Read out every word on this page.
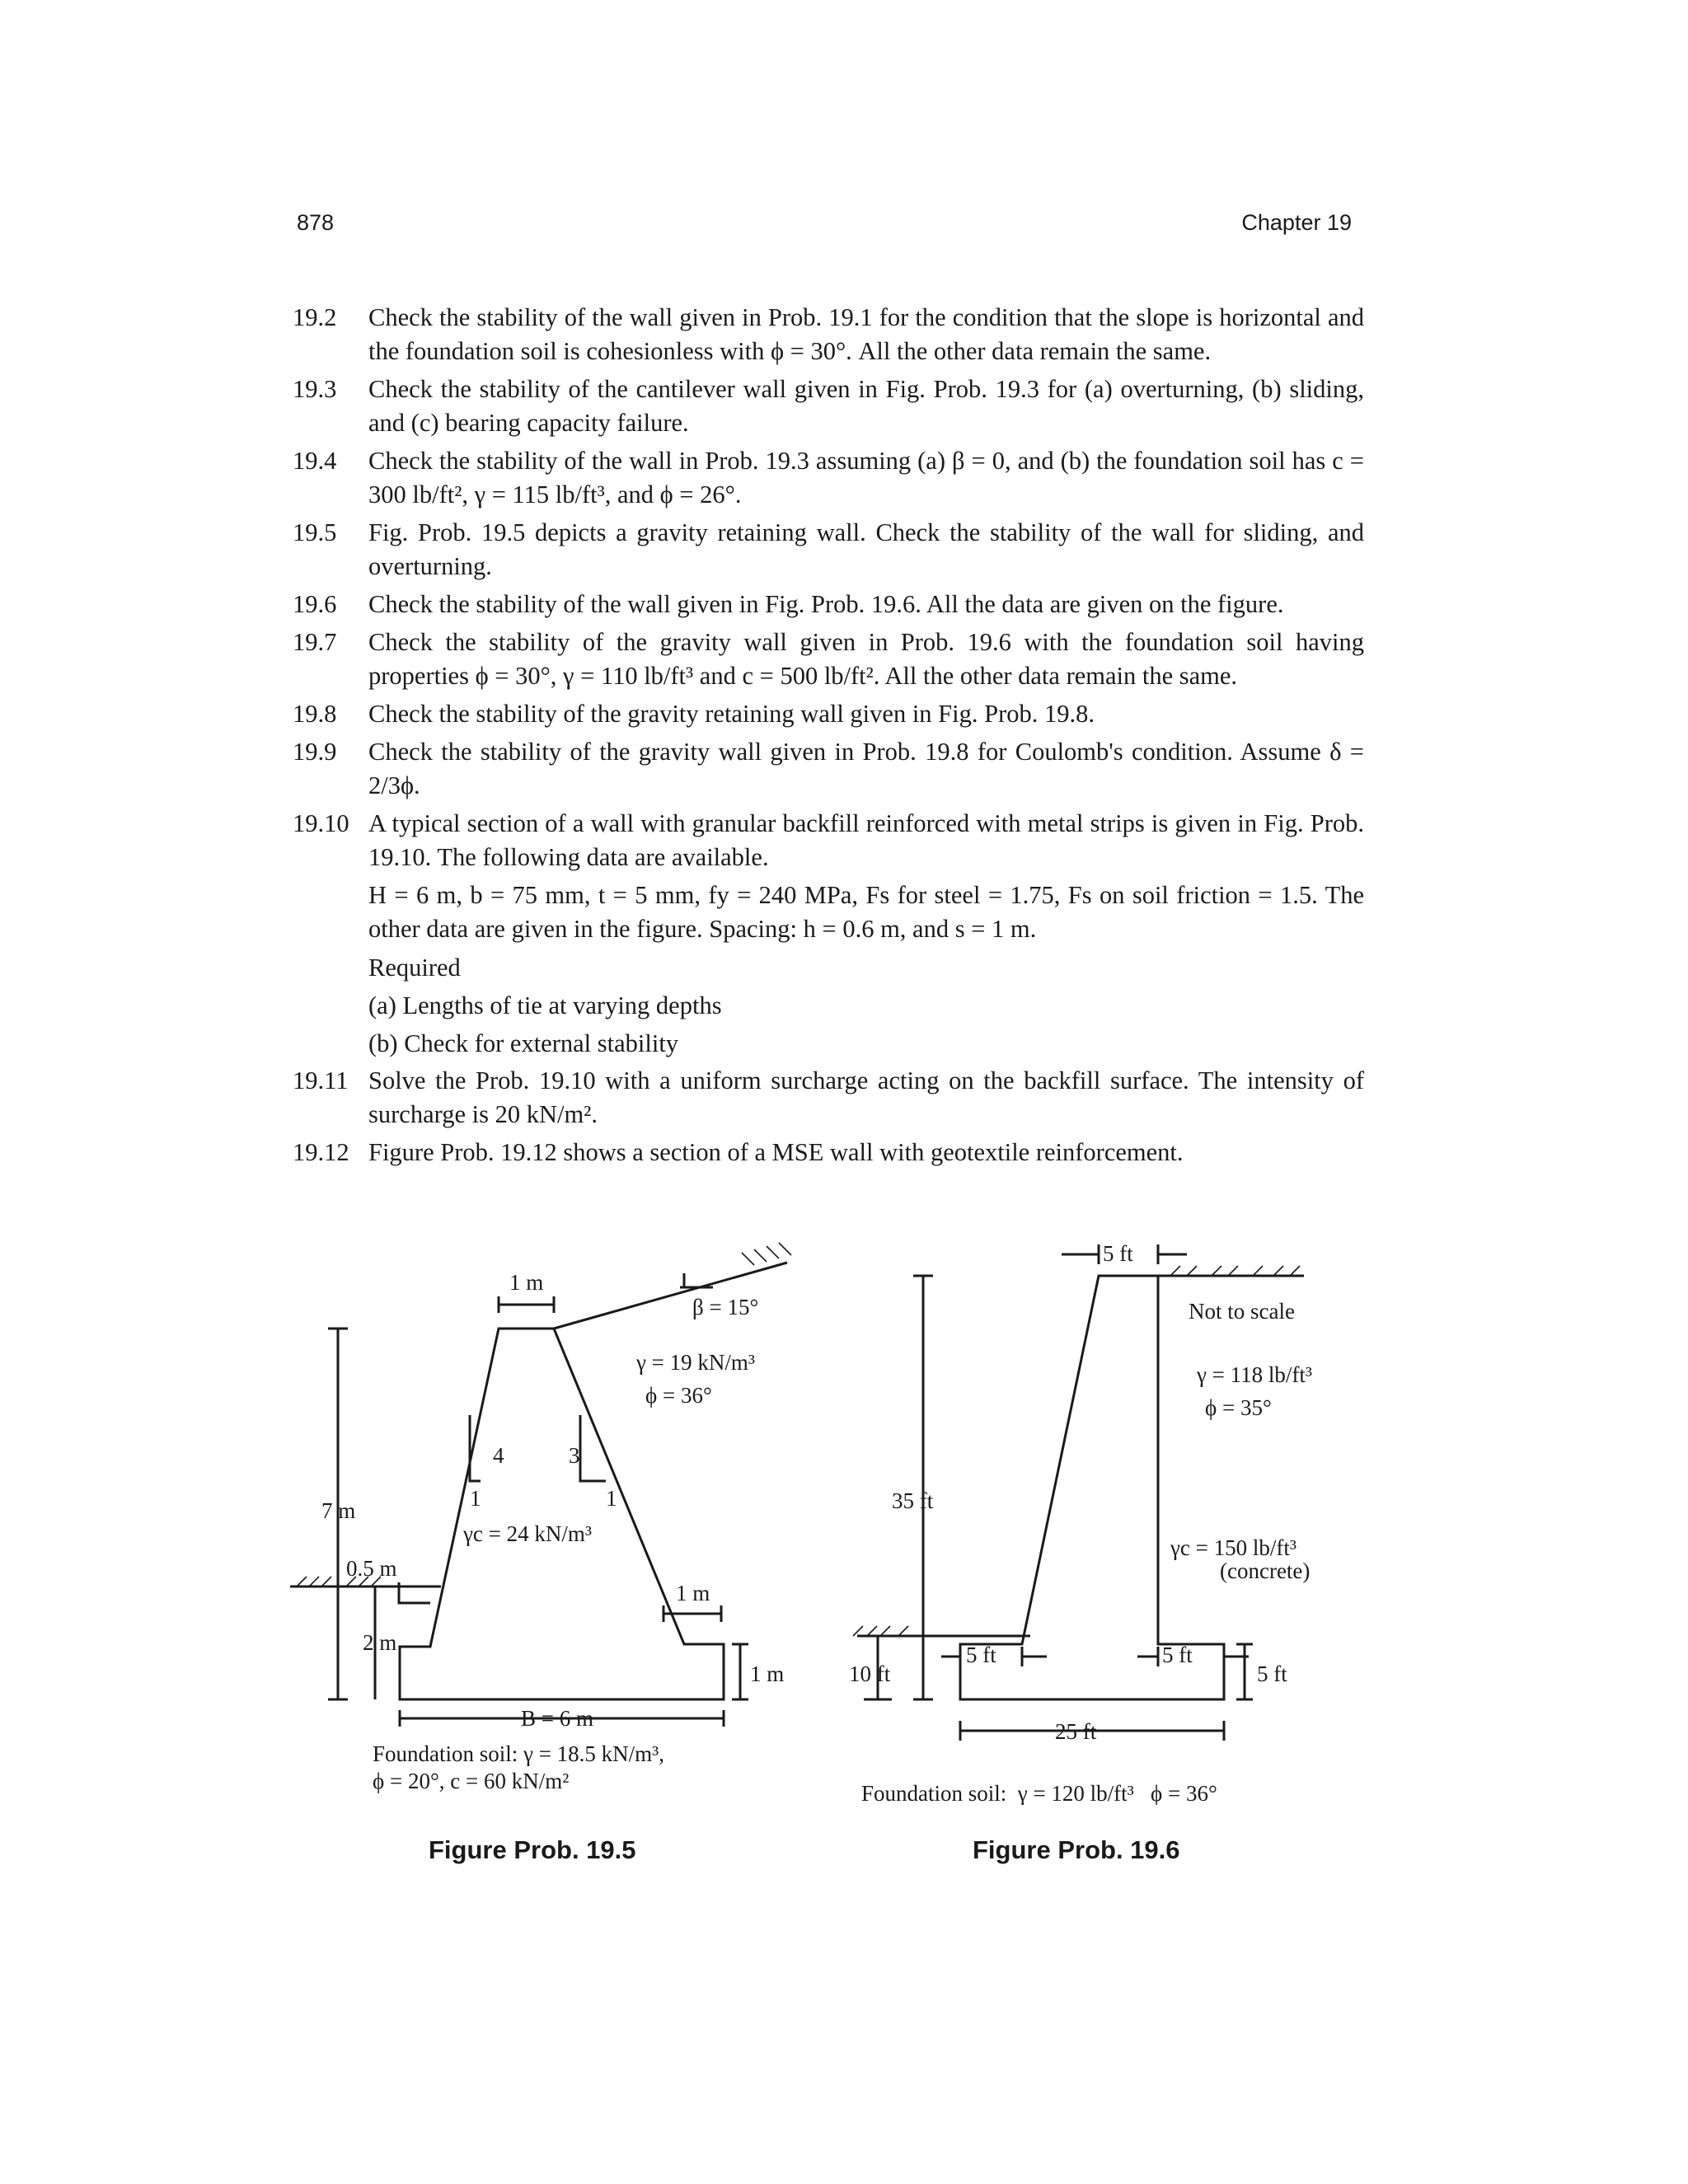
878	Chapter 19
19.2 Check the stability of the wall given in Prob. 19.1 for the condition that the slope is horizontal and the foundation soil is cohesionless with ϕ = 30°. All the other data remain the same.
19.3 Check the stability of the cantilever wall given in Fig. Prob. 19.3 for (a) overturning, (b) sliding, and (c) bearing capacity failure.
19.4 Check the stability of the wall in Prob. 19.3 assuming (a) β = 0, and (b) the foundation soil has c = 300 lb/ft², γ = 115 lb/ft³, and ϕ = 26°.
19.5 Fig. Prob. 19.5 depicts a gravity retaining wall. Check the stability of the wall for sliding, and overturning.
19.6 Check the stability of the wall given in Fig. Prob. 19.6. All the data are given on the figure.
19.7 Check the stability of the gravity wall given in Prob. 19.6 with the foundation soil having properties ϕ = 30°, γ = 110 lb/ft³ and c = 500 lb/ft². All the other data remain the same.
19.8 Check the stability of the gravity retaining wall given in Fig. Prob. 19.8.
19.9 Check the stability of the gravity wall given in Prob. 19.8 for Coulomb's condition. Assume δ = 2/3ϕ.
19.10 A typical section of a wall with granular backfill reinforced with metal strips is given in Fig. Prob. 19.10. The following data are available.
H = 6 m, b = 75 mm, t = 5 mm, fy = 240 MPa, Fs for steel = 1.75, Fs on soil friction = 1.5. The other data are given in the figure. Spacing: h = 0.6 m, and s = 1 m.
Required
(a) Lengths of tie at varying depths
(b) Check for external stability
19.11 Solve the Prob. 19.10 with a uniform surcharge acting on the backfill surface. The intensity of surcharge is 20 kN/m².
19.12 Figure Prob. 19.12 shows a section of a MSE wall with geotextile reinforcement.
1 m
β = 15°
γ = 19 kN/m³
ϕ = 36°
4	3
1	1
7 m
γc = 24 kN/m³
0.5 m
1 m
2 m
1 m
B = 6 m
Foundation soil: γ = 18.5 kN/m³,
ϕ = 20°, c = 60 kN/m²
5 ft
Not to scale
γ = 118 lb/ft³
ϕ = 35°
35 ft
γc = 150 lb/ft³
(concrete)
5 ft	5 ft
10 ft	5 ft
25 ft
Foundation soil:  γ = 120 lb/ft³   ϕ = 36°
Figure Prob. 19.5	Figure Prob. 19.6
